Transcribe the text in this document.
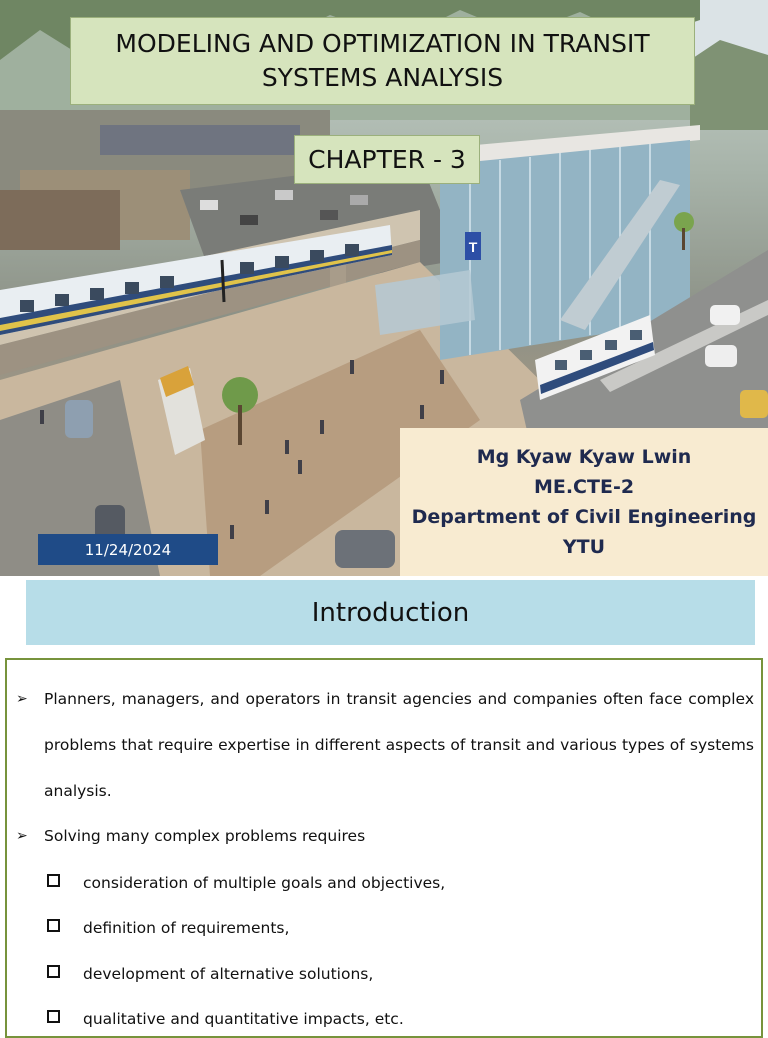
T
MODELING AND OPTIMIZATION IN TRANSIT SYSTEMS ANALYSIS
CHAPTER - 3
Mg Kyaw Kyaw Lwin
ME.CTE-2
Department of Civil Engineering
YTU
11/24/2024
Introduction
➢ Planners, managers, and operators in transit agencies and companies often face complex problems that require expertise in different aspects of transit and various types of systems analysis.
➢ Solving many complex problems requires
consideration of multiple goals and objectives,
definition of requirements,
development of alternative solutions,
qualitative and quantitative impacts, etc.
